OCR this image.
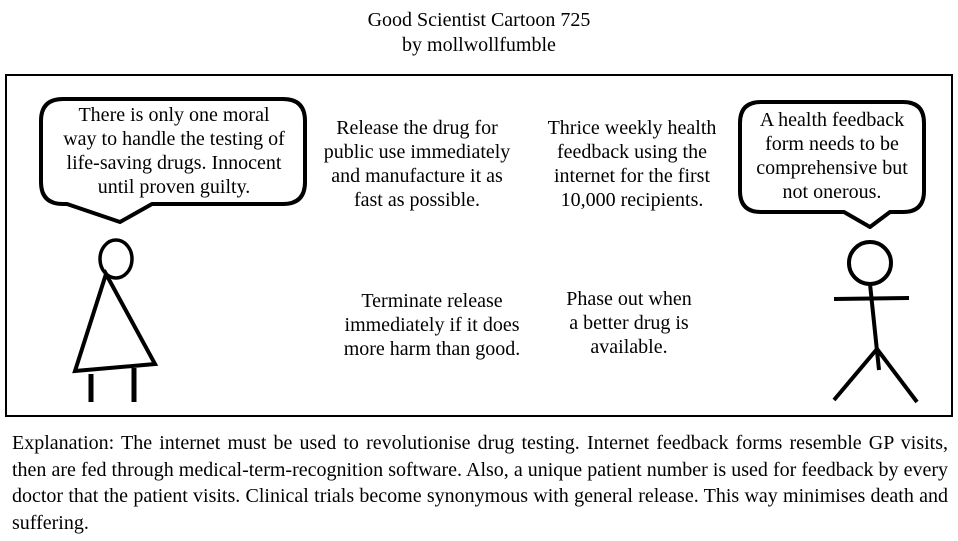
Good Scientist Cartoon 725
by mollwollfumble
There is only one moral
way to handle the testing of
life-saving drugs. Innocent
until proven guilty.
A health feedback
form needs to be
comprehensive but
not onerous.
Release the drug for
public use immediately
and manufacture it as
fast as possible.
Thrice weekly health
feedback using the
internet for the first
10,000 recipients.
Terminate release
immediately if it does
more harm than good.
Phase out when
a better drug is
available.

Explanation: The internet must be used to revolutionise drug testing. Internet feedback forms resemble GP visits, then are fed through medical-term-recognition software. Also, a unique patient number is used for feedback by every doctor that the patient visits. Clinical trials become synonymous with general release. This way minimises death and suffering.
